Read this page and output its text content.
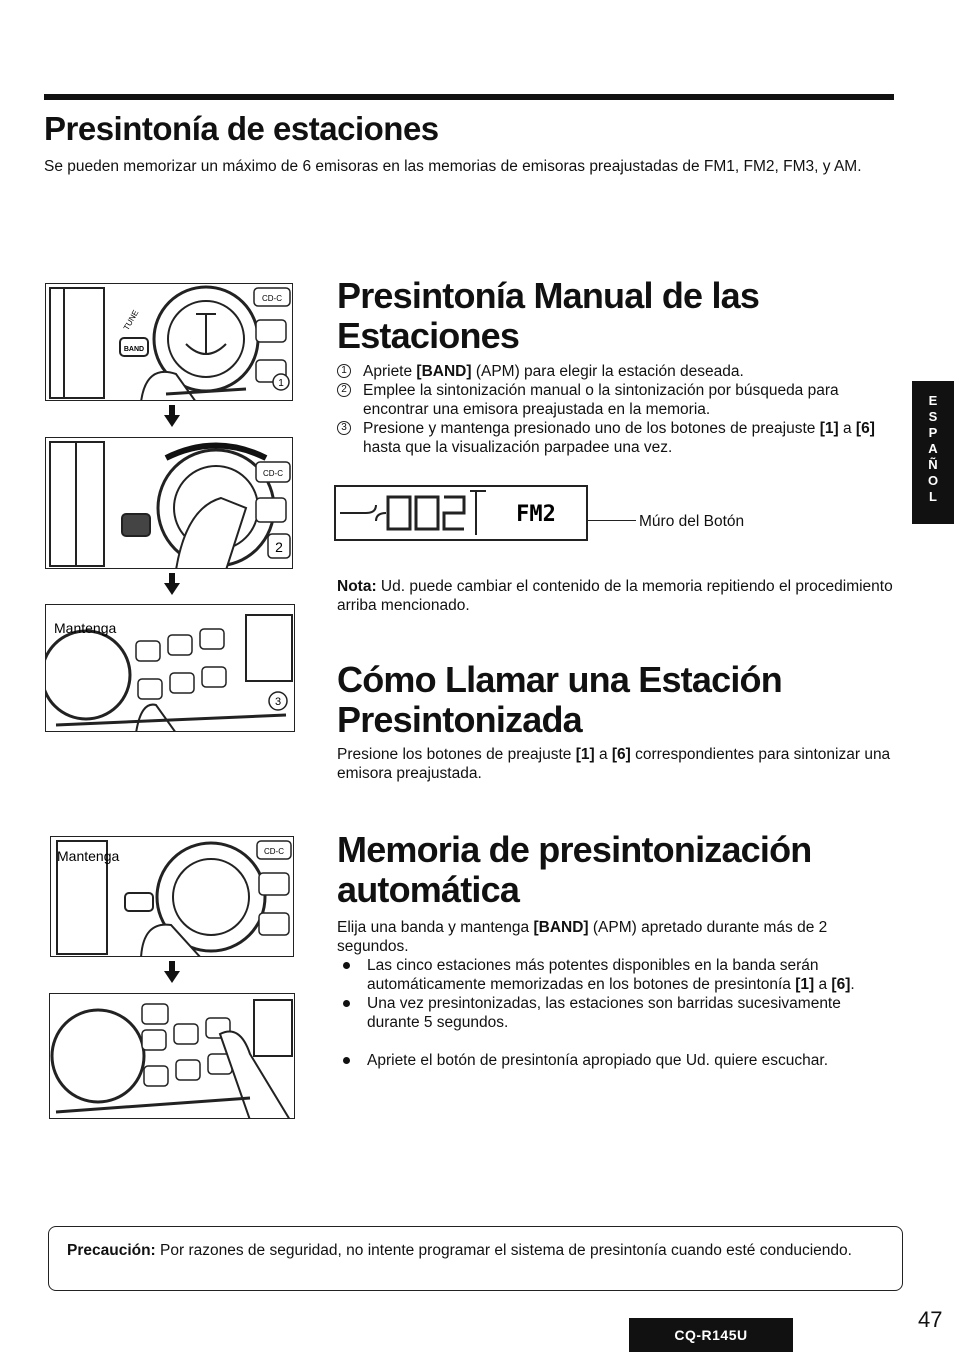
Presintonía de estaciones
Se pueden memorizar un máximo de 6 emisoras en las memorias de emisoras preajustadas de FM1, FM2, FM3, y AM.
E
S
P
A
Ñ
O
L
BAND
TUNE
CD-C
1
CD-C
2
Mantenga
3
Mantenga	CD-C
Presintonía Manual de las
Estaciones
1 Apriete [BAND] (APM) para elegir la estación deseada.
2 Emplee la sintonización manual o la sintonización por búsqueda para encontrar una emisora preajustada en la memoria.
3 Presione y mantenga presionado uno de los botones de preajuste [1] a [6] hasta que la visualización parpadee una vez.
FM2	Múro del Botón
Nota: Ud. puede cambiar el contenido de la memoria repitiendo el procedimiento arriba mencionado.
Cómo Llamar una Estación
Presintonizada
Presione los botones de preajuste [1] a [6] correspondientes para sintonizar una emisora preajustada.
Memoria de presintonización
automática
Elija una banda y mantenga [BAND] (APM) apretado durante más de 2 segundos.
Las cinco estaciones más potentes disponibles en la banda serán automáticamente memorizadas en los botones de presintonía [1] a [6].
Una vez presintonizadas, las estaciones son barridas sucesivamente durante 5 segundos.
Apriete el botón de presintonía apropiado que Ud. quiere escuchar.
Precaución: Por razones de seguridad, no intente programar el sistema de presintonía cuando esté conduciendo.
CQ-R145U
47
